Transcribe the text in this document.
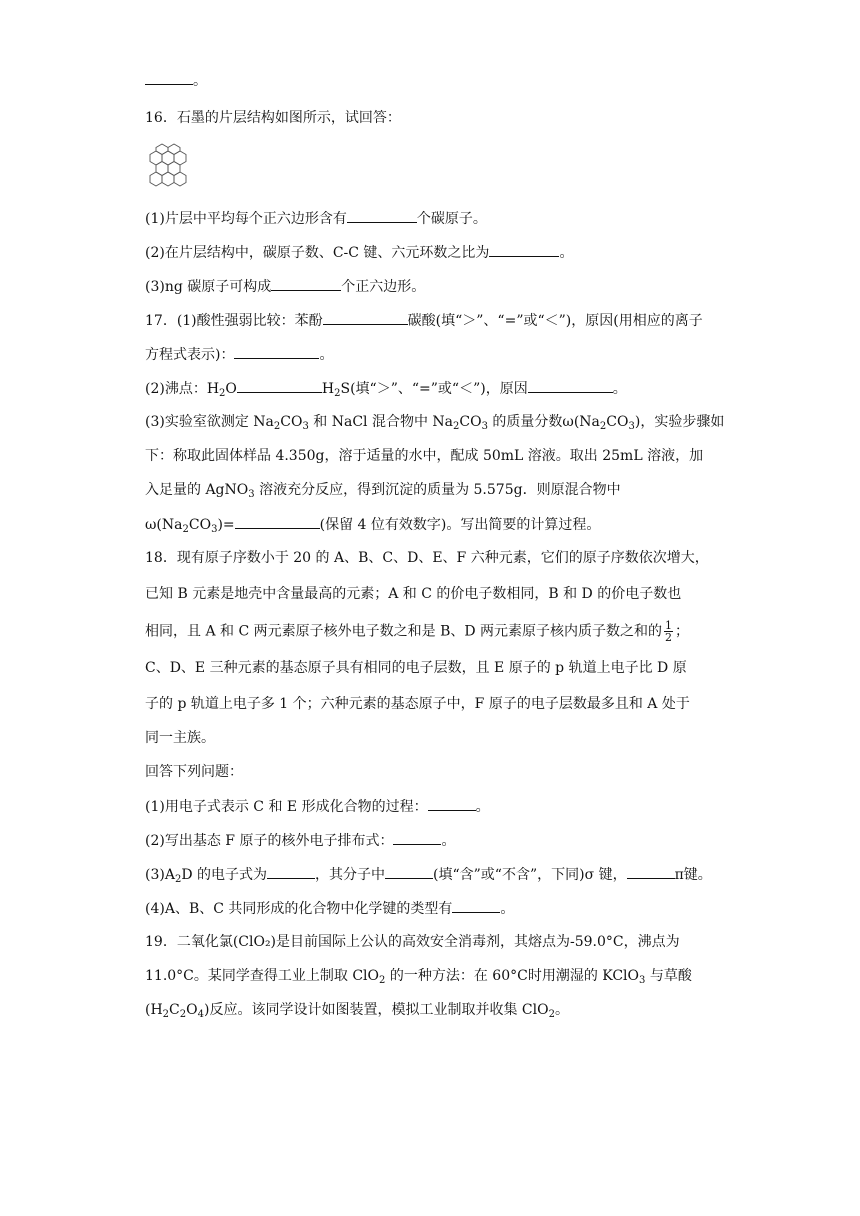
。
16．石墨的片层结构如图所示，试回答：
(1)片层中平均每个正六边形含有	个碳原子。
(2)在片层结构中，碳原子数、C-C 键、六元环数之比为	。
(3)ng 碳原子可构成	个正六边形。
17．(1)酸性强弱比较：苯酚	碳酸(填“＞”、“=”或“＜”)，原因(用相应的离子
方程式表示)：	。
(2)沸点：$H_2O$	$H_2S$(填“＞”、“=”或“＜”)，原因	。
(3)实验室欲测定 $Na_2CO_3$ 和 NaCl 混合物中 $Na_2CO_3$ 的质量分数$\omega(Na_2CO_3)$，实验步骤如
下：称取此固体样品 4.350g，溶于适量的水中，配成 50mL 溶液。取出 25mL 溶液，加
入足量的 AgNO$_3$ 溶液充分反应，得到沉淀的质量为 5.575g．则原混合物中
$\omega(Na_2CO_3)=$	(保留 4 位有效数字)。写出简要的计算过程。
18．现有原子序数小于 20 的 A、B、C、D、E、F 六种元素，它们的原子序数依次增大，
已知 B 元素是地壳中含量最高的元素；A 和 C 的价电子数相同，B 和 D 的价电子数也
相同，且 A 和 C 两元素原子核外电子数之和是 B、D 两元素原子核内质子数之和的 $\frac{1}{2}$ ；
C、D、E 三种元素的基态原子具有相同的电子层数，且 E 原子的 p 轨道上电子比 D 原
子的 p 轨道上电子多 1 个；六种元素的基态原子中，F 原子的电子层数最多且和 A 处于
同一主族。
回答下列问题：
(1)用电子式表示 C 和 E 形成化合物的过程：	。
(2)写出基态 F 原子的核外电子排布式：	。
$(3)A_2D$ 的电子式为	，其分子中	(填“含”或“不含”，下同)σ 键，	π键。
(4)A、B、C 共同形成的化合物中化学键的类型有	。
19．二氧化氯(ClO₂)是目前国际上公认的高效安全消毒剂，其熔点为-59.0°C，沸点为
11.0°C。某同学查得工业上制取 ClO$_2$ 的一种方法：在 60°C时用潮湿的 KClO$_3$ 与草酸
$(H_2C_2O_4)$反应。该同学设计如图装置，模拟工业制取并收集 ClO$_2$。
